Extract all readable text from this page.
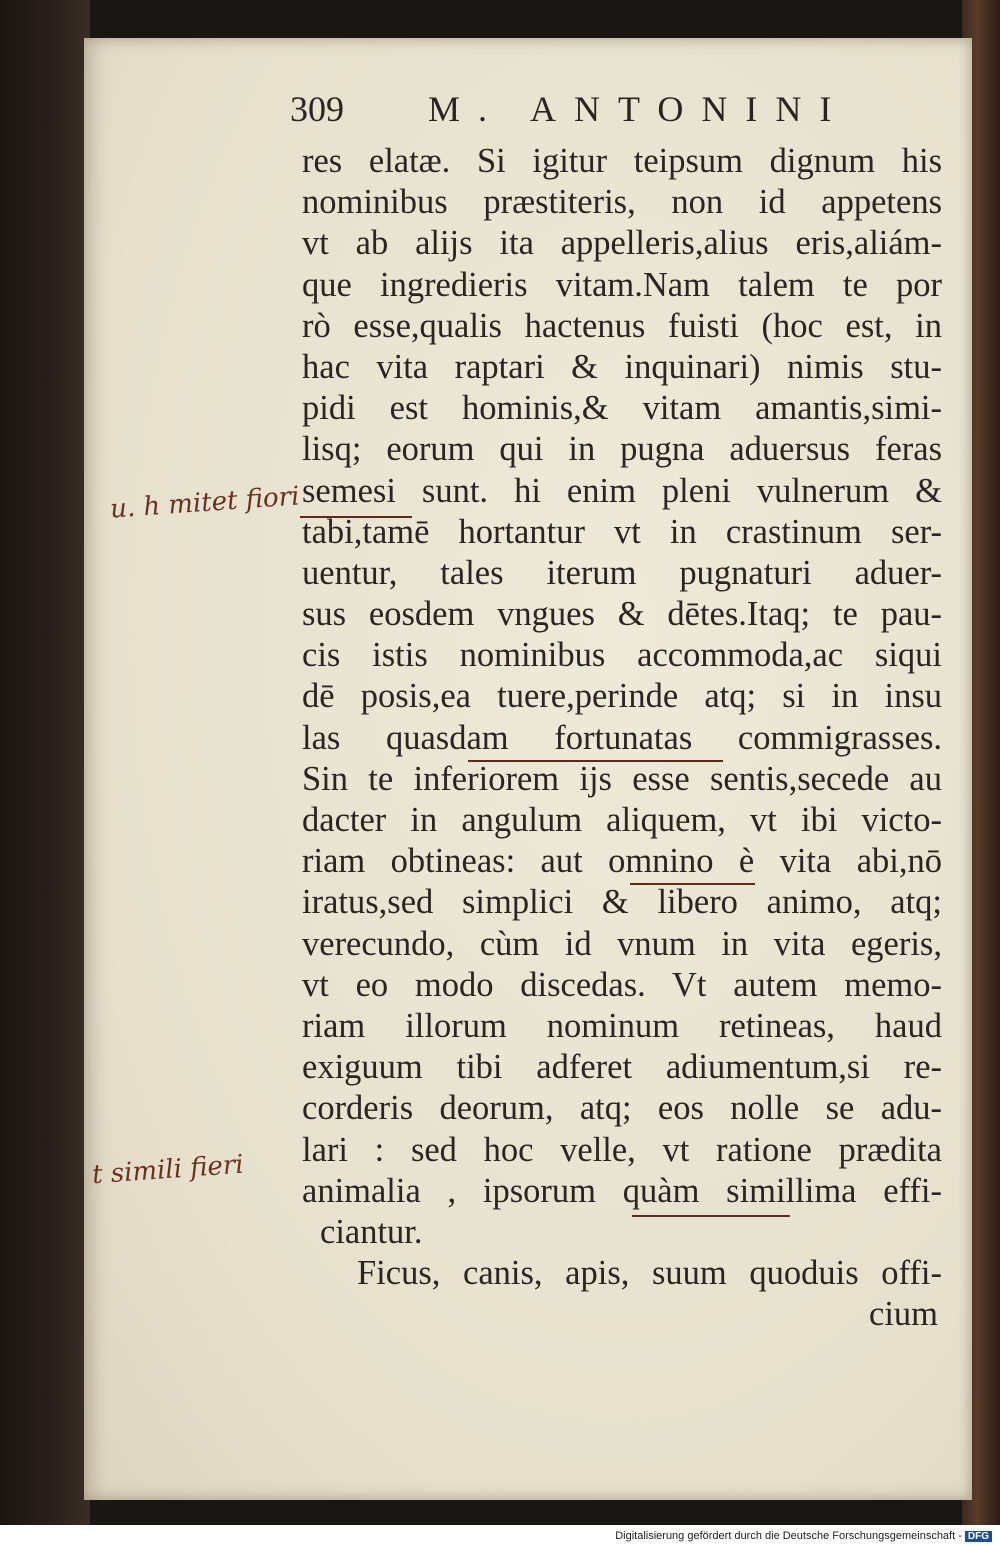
309 M. ANTONINI
res elatæ. Si igitur teipsum dignum his
nominibus præstiteris, non id appetens
vt ab alijs ita appelleris,alius eris,aliám-
que ingredieris vitam.Nam talem te por
rò esse,qualis hactenus fuisti (hoc est, in
hac vita raptari & inquinari) nimis stu-
pidi est hominis,& vitam amantis,simi-
lisq; eorum qui in pugna aduersus feras
semesi sunt. hi enim pleni vulnerum &
tabi,tamē hortantur vt in crastinum ser-
uentur, tales iterum pugnaturi aduer-
sus eosdem vngues & dētes.Itaq; te pau-
cis istis nominibus accommoda,ac siqui
dē posis,ea tuere,perinde atq; si in insu
las quasdam fortunatas commigrasses.
Sin te inferiorem ijs esse sentis,secede au
dacter in angulum aliquem, vt ibi victo-
riam obtineas: aut omnino è vita abi,nō
iratus,sed simplici & libero animo, atq;
verecundo, cùm id vnum in vita egeris,
vt eo modo discedas. Vt autem memo-
riam illorum nominum retineas, haud
exiguum tibi adferet adiumentum,si re-
corderis deorum, atq; eos nolle se adu-
lari : sed hoc velle, vt ratione prædita
animalia , ipsorum quàm simillima effi-
ciantur.
Ficus, canis, apis, suum quoduis offi-
cium
u. h mitet fiori
t simili fieri
Digitalisierung gefördert durch die Deutsche Forschungsgemeinschaft - DFG
